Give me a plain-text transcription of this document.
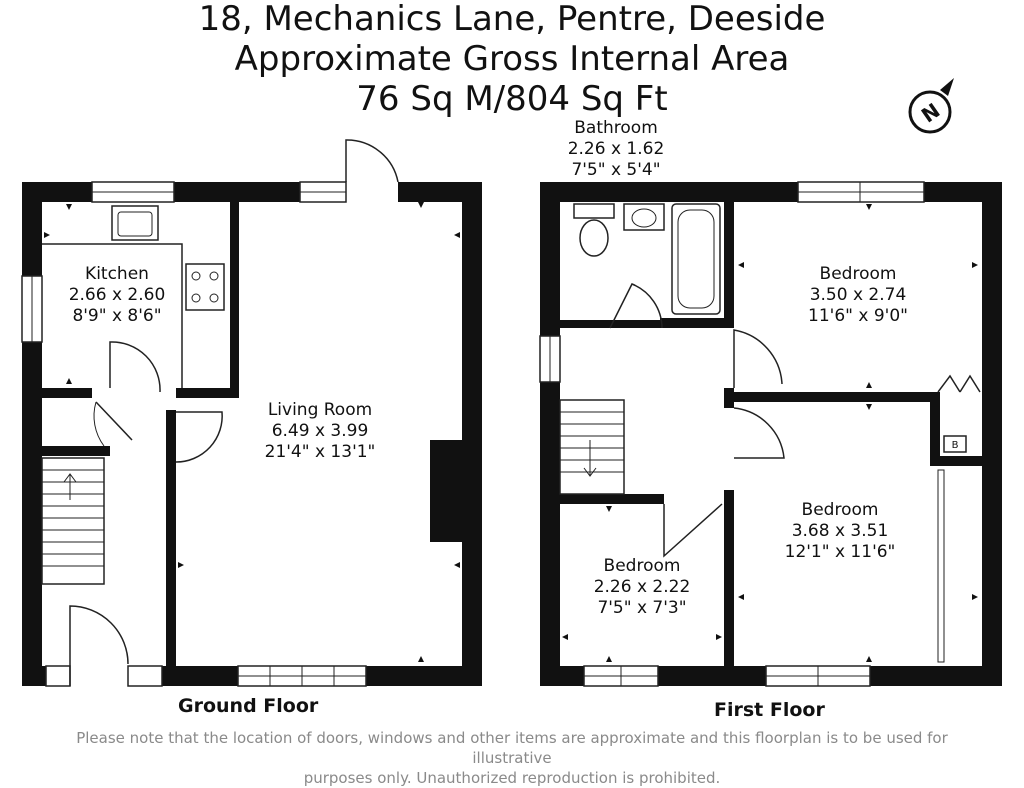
18, Mechanics Lane, Pentre, Deeside
Approximate Gross Internal Area
76 Sq M/804 Sq Ft	N
B
Kitchen
2.66 x 2.60
8'9" x 8'6"
Living Room
6.49 x 3.99
21'4" x 13'1"
Bathroom
2.26 x 1.62
7'5" x 5'4"
Bedroom
3.50 x 2.74
11'6" x 9'0"
Bedroom
3.68 x 3.51
12'1" x 11'6"
Bedroom
2.26 x 2.22
7'5" x 7'3"
Ground Floor	First Floor
Please note that the location of doors, windows and other items are approximate and this floorplan is to be used for illustrative
purposes only. Unauthorized reproduction is prohibited.
